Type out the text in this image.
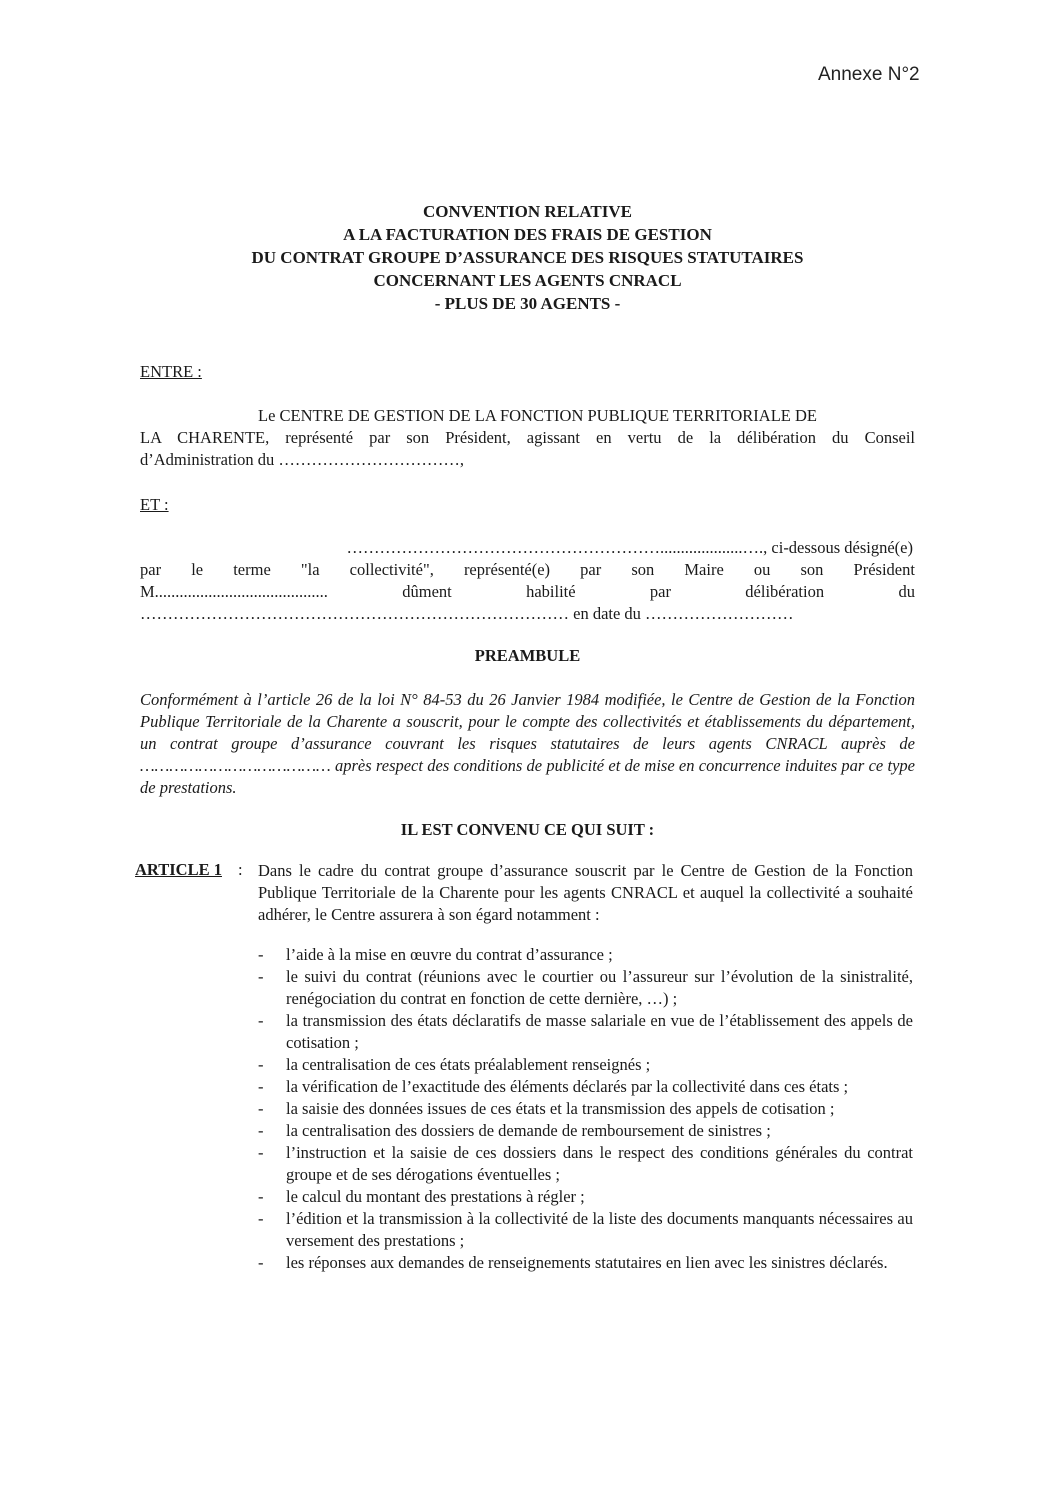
Annexe N°2
CONVENTION RELATIVE
A LA FACTURATION DES FRAIS DE GESTION
DU CONTRAT GROUPE D’ASSURANCE DES RISQUES STATUTAIRES
CONCERNANT LES AGENTS CNRACL
- PLUS DE 30 AGENTS -
ENTRE :
Le CENTRE DE GESTION DE LA FONCTION PUBLIQUE TERRITORIALE DE
LA CHARENTE, représenté par son Président, agissant en vertu de la délibération du Conseil
d’Administration du ……………………………,
ET :
…………………………………………………....................…., ci-dessous désigné(e)
par le terme "la collectivité", représenté(e) par son Maire ou son Président
M..........................................	dûment	habilité	par	délibération	du
…………………………………………………………………… en date du ………………………
PREAMBULE
Conformément à l’article 26 de la loi N° 84-53 du 26 Janvier 1984 modifiée, le Centre de Gestion de la Fonction Publique Territoriale de la Charente a souscrit, pour le compte des collectivités et établissements du département, un contrat groupe d’assurance couvrant les risques statutaires de leurs agents CNRACL auprès de ………………………………… après respect des conditions de publicité et de mise en concurrence induites par ce type de prestations.
IL EST CONVENU CE QUI SUIT :
ARTICLE 1 : Dans le cadre du contrat groupe d’assurance souscrit par le Centre de Gestion de la Fonction Publique Territoriale de la Charente pour les agents CNRACL et auquel la collectivité a souhaité adhérer, le Centre assurera à son égard notamment :
- l’aide à la mise en œuvre du contrat d’assurance ;
- le suivi du contrat (réunions avec le courtier ou l’assureur sur l’évolution de la sinistralité, renégociation du contrat en fonction de cette dernière, …) ;
- la transmission des états déclaratifs de masse salariale en vue de l’établissement des appels de cotisation ;
- la centralisation de ces états préalablement renseignés ;
- la vérification de l’exactitude des éléments déclarés par la collectivité dans ces états ;
- la saisie des données issues de ces états et la transmission des appels de cotisation ;
- la centralisation des dossiers de demande de remboursement de sinistres ;
- l’instruction et la saisie de ces dossiers dans le respect des conditions générales du contrat groupe et de ses dérogations éventuelles ;
- le calcul du montant des prestations à régler ;
- l’édition et la transmission à la collectivité de la liste des documents manquants nécessaires au versement des prestations ;
- les réponses aux demandes de renseignements statutaires en lien avec les sinistres déclarés.
